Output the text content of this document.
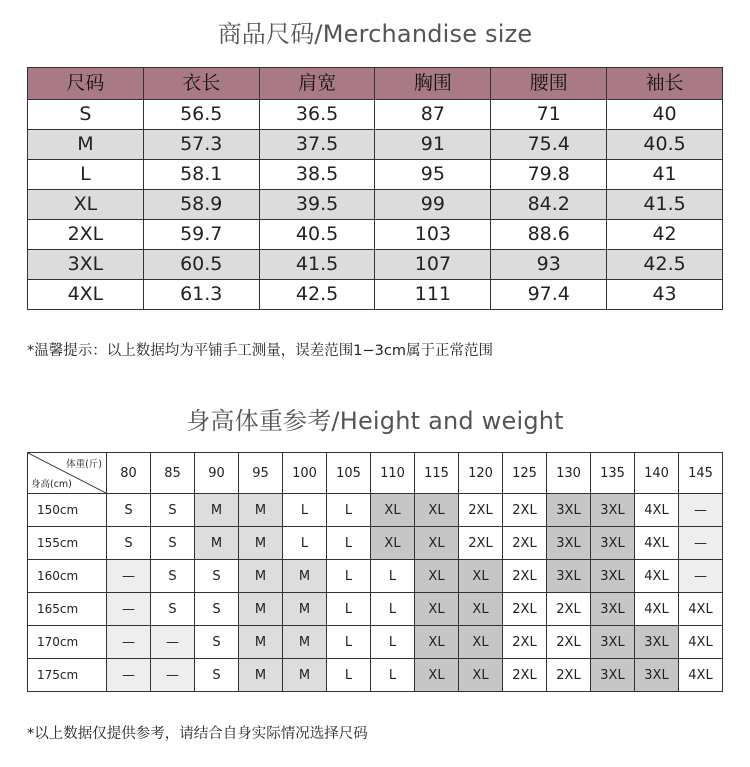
商品尺码/Merchandise size
尺码	衣长	肩宽	胸围	腰围	袖长
S	56.5	36.5	87	71	40
M	57.3	37.5	91	75.4	40.5
L	58.1	38.5	95	79.8	41
XL	58.9	39.5	99	84.2	41.5
2XL	59.7	40.5	103	88.6	42
3XL	60.5	41.5	107	93	42.5
4XL	61.3	42.5	111	97.4	43
*温馨提示：以上数据均为平铺手工测量，误差范围1−3cm属于正常范围
身高体重参考/Height and weight
体重(斤)
身高(cm)	80	85	90	95	100	105	110	115	120	125	130	135	140	145
150cm	S	S	M	M	L	L	XL	XL	2XL	2XL	3XL	3XL	4XL	—
155cm	S	S	M	M	L	L	XL	XL	2XL	2XL	3XL	3XL	4XL	—
160cm	—	S	S	M	M	L	L	XL	XL	2XL	3XL	3XL	4XL	—
165cm	—	S	S	M	M	L	L	XL	XL	2XL	2XL	3XL	4XL	4XL
170cm	—	—	S	M	M	L	L	XL	XL	2XL	2XL	3XL	3XL	4XL
175cm	—	—	S	M	M	L	L	XL	XL	2XL	2XL	3XL	3XL	4XL
*以上数据仅提供参考，请结合自身实际情况选择尺码
